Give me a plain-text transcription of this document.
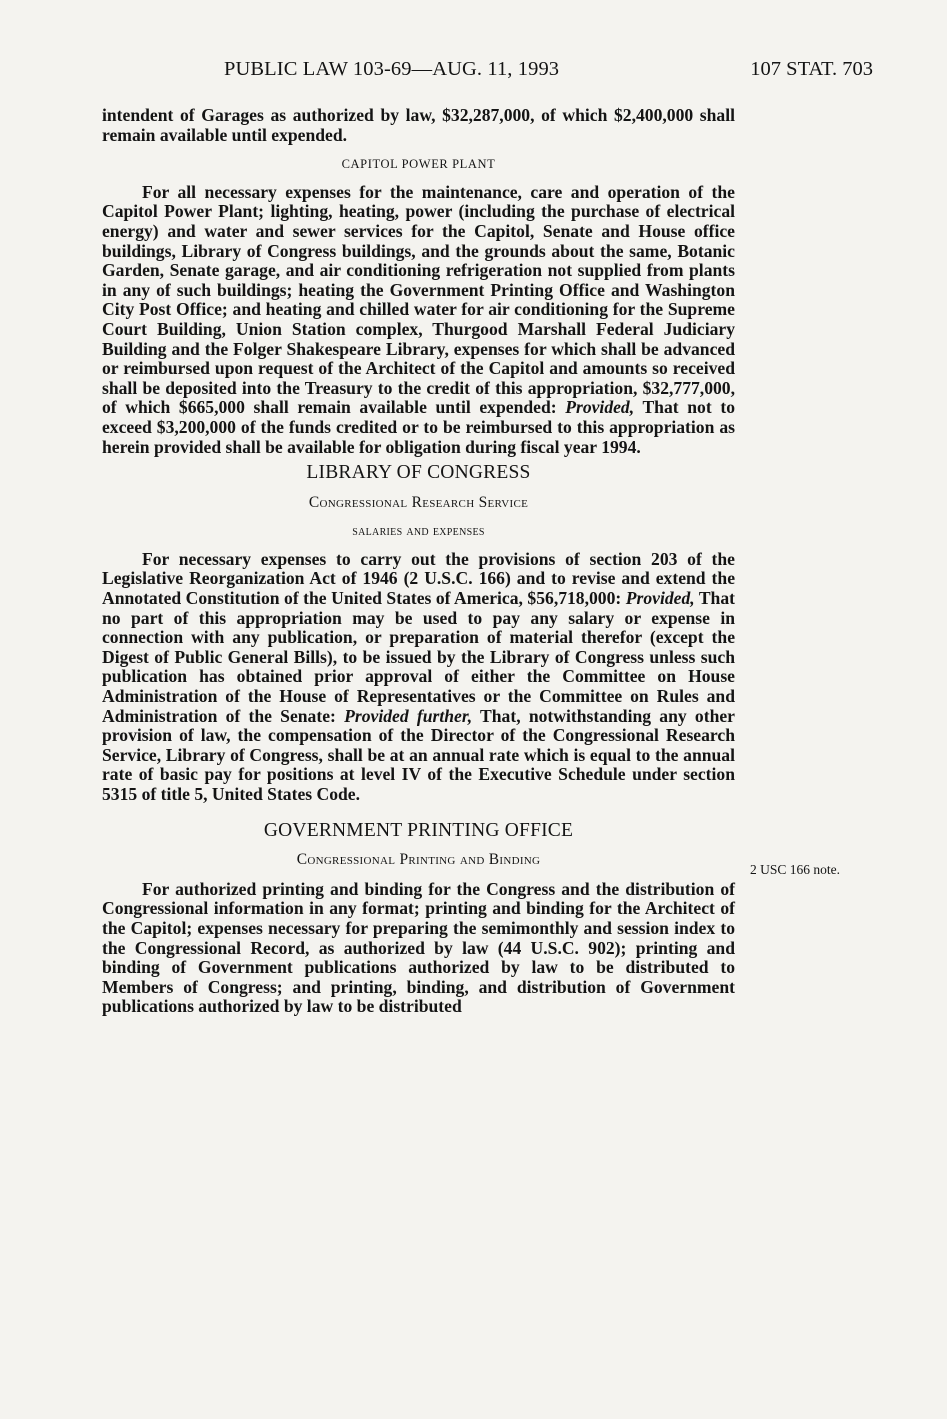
PUBLIC LAW 103-69—AUG. 11, 1993	107 STAT. 703

intendent of Garages as authorized by law, $32,287,000, of which $2,400,000 shall remain available until expended.

CAPITOL POWER PLANT

For all necessary expenses for the maintenance, care and operation of the Capitol Power Plant; lighting, heating, power (including the purchase of electrical energy) and water and sewer services for the Capitol, Senate and House office buildings, Library of Congress buildings, and the grounds about the same, Botanic Garden, Senate garage, and air conditioning refrigeration not supplied from plants in any of such buildings; heating the Government Printing Office and Washington City Post Office; and heating and chilled water for air conditioning for the Supreme Court Building, Union Station complex, Thurgood Marshall Federal Judiciary Building and the Folger Shakespeare Library, expenses for which shall be advanced or reimbursed upon request of the Architect of the Capitol and amounts so received shall be deposited into the Treasury to the credit of this appropriation, $32,777,000, of which $665,000 shall remain available until expended: Provided, That not to exceed $3,200,000 of the funds credited or to be reimbursed to this appropriation as herein provided shall be available for obligation during fiscal year 1994.

LIBRARY OF CONGRESS
Congressional Research Service
salaries and expenses

For necessary expenses to carry out the provisions of section 203 of the Legislative Reorganization Act of 1946 (2 U.S.C. 166) and to revise and extend the Annotated Constitution of the United States of America, $56,718,000: Provided, That no part of this appropriation may be used to pay any salary or expense in connection with any publication, or preparation of material therefor (except the Digest of Public General Bills), to be issued by the Library of Congress unless such publication has obtained prior approval of either the Committee on House Administration of the House of Representatives or the Committee on Rules and Administration of the Senate: Provided further, That, notwithstanding any other provision of law, the compensation of the Director of the Congressional Research Service, Library of Congress, shall be at an annual rate which is equal to the annual rate of basic pay for positions at level IV of the Executive Schedule under section 5315 of title 5, United States Code.

GOVERNMENT PRINTING OFFICE
Congressional Printing and Binding

For authorized printing and binding for the Congress and the distribution of Congressional information in any format; printing and binding for the Architect of the Capitol; expenses necessary for preparing the semimonthly and session index to the Congressional Record, as authorized by law (44 U.S.C. 902); printing and binding of Government publications authorized by law to be distributed to Members of Congress; and printing, binding, and distribution of Government publications authorized by law to be distributed

2 USC 166 note.
